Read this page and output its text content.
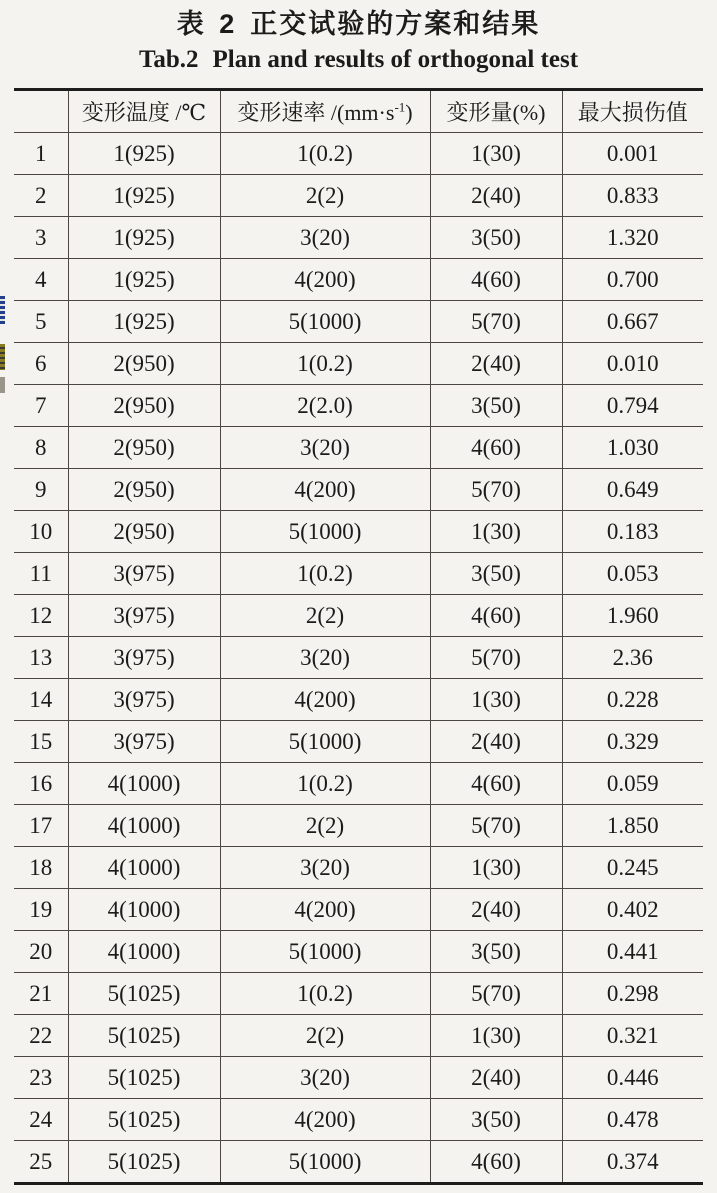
表 2 正交试验的方案和结果
Tab.2 Plan and results of orthogonal test
	变形温度 /℃	变形速率 $/(mm\cdot s^{-1})$	变形量(%)	最大损伤值
1	1(925)	1(0.2)	1(30)	0.001
2	1(925)	2(2)	2(40)	0.833
3	1(925)	3(20)	3(50)	1.320
4	1(925)	4(200)	4(60)	0.700
5	1(925)	5(1000)	5(70)	0.667
6	2(950)	1(0.2)	2(40)	0.010
7	2(950)	2(2.0)	3(50)	0.794
8	2(950)	3(20)	4(60)	1.030
9	2(950)	4(200)	5(70)	0.649
10	2(950)	5(1000)	1(30)	0.183
11	3(975)	1(0.2)	3(50)	0.053
12	3(975)	2(2)	4(60)	1.960
13	3(975)	3(20)	5(70)	2.36
14	3(975)	4(200)	1(30)	0.228
15	3(975)	5(1000)	2(40)	0.329
16	4(1000)	1(0.2)	4(60)	0.059
17	4(1000)	2(2)	5(70)	1.850
18	4(1000)	3(20)	1(30)	0.245
19	4(1000)	4(200)	2(40)	0.402
20	4(1000)	5(1000)	3(50)	0.441
21	5(1025)	1(0.2)	5(70)	0.298
22	5(1025)	2(2)	1(30)	0.321
23	5(1025)	3(20)	2(40)	0.446
24	5(1025)	4(200)	3(50)	0.478
25	5(1025)	5(1000)	4(60)	0.374
